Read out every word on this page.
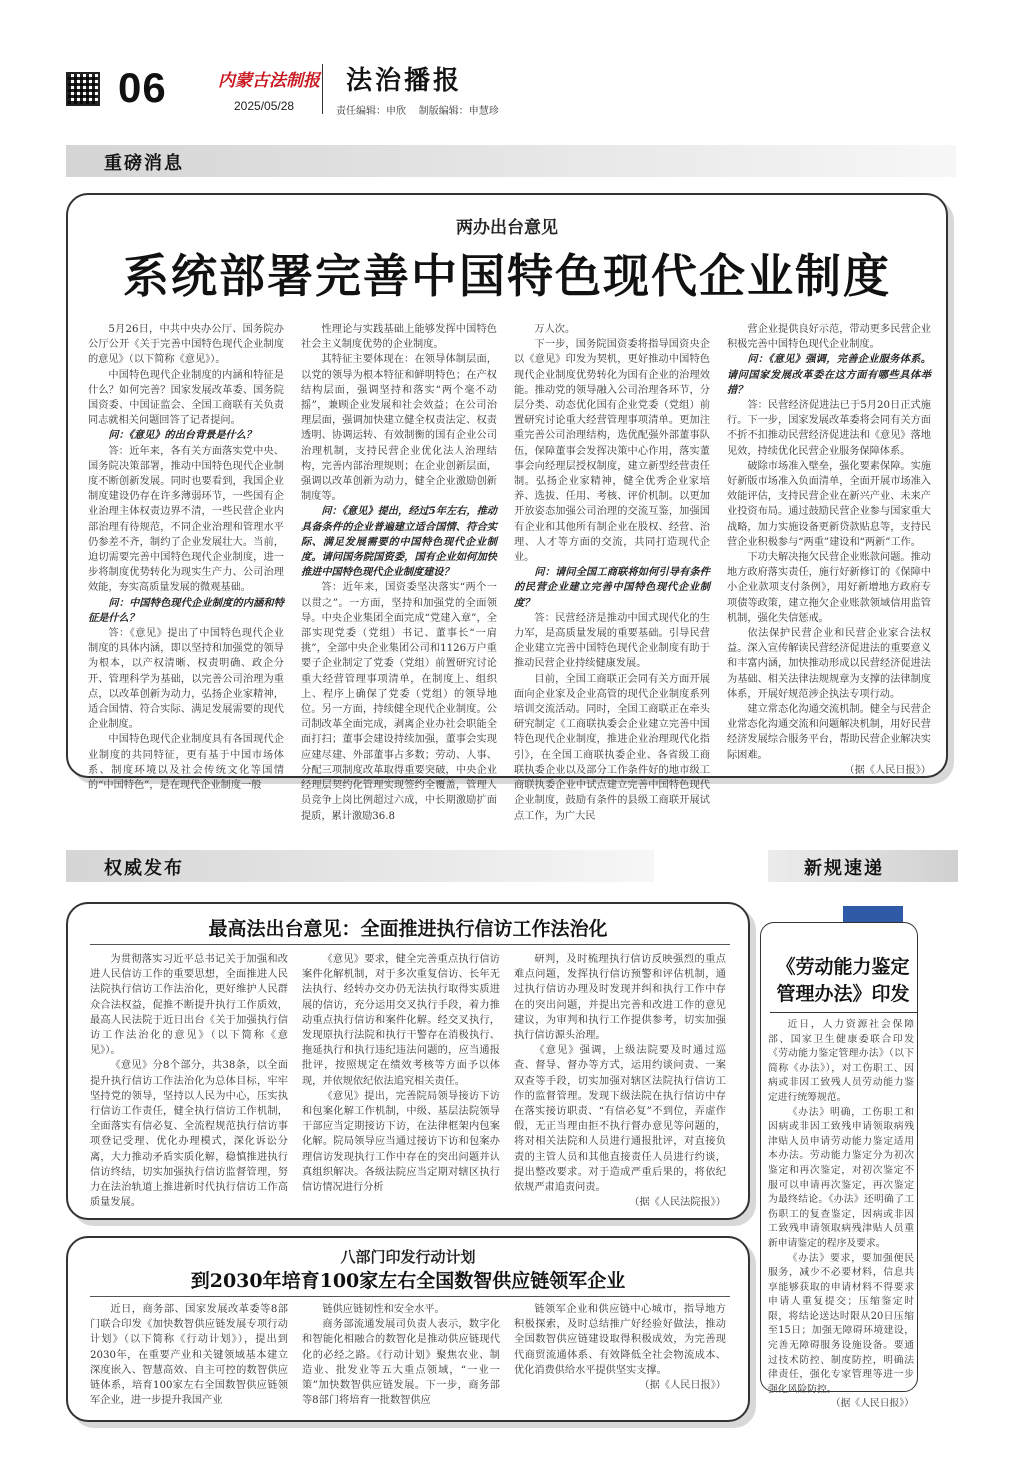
06	内蒙古法制报
2025/05/28
法治播报
责任编辑：申欣 制版编辑：申慧珍
重磅消息
两办出台意见
系统部署完善中国特色现代企业制度

5月26日，中共中央办公厅、国务院办公厅公开《关于完善中国特色现代企业制度的意见》（以下简称《意见》）。

中国特色现代企业制度的内涵和特征是什么？如何完善？国家发展改革委、国务院国资委、中国证监会、全国工商联有关负责同志就相关问题回答了记者提问。

问：《意见》的出台背景是什么？

答：近年来，各有关方面落实党中央、国务院决策部署，推动中国特色现代企业制度不断创新发展。同时也要看到，我国企业制度建设仍存在许多薄弱环节，一些国有企业治理主体权责边界不清，一些民营企业内部治理有待规范，不同企业治理和管理水平仍参差不齐，制约了企业发展壮大。当前，迫切需要完善中国特色现代企业制度，进一步将制度优势转化为现实生产力、公司治理效能，夯实高质量发展的微观基础。

问：中国特色现代企业制度的内涵和特征是什么？

答：《意见》提出了中国特色现代企业制度的具体内涵，即以坚持和加强党的领导为根本，以产权清晰、权责明确、政企分开、管理科学为基础，以完善公司治理为重点，以改革创新为动力，弘扬企业家精神，适合国情、符合实际、满足发展需要的现代企业制度。

中国特色现代企业制度具有各国现代企业制度的共同特征，更有基于中国市场体系、制度环境以及社会传统文化等国情的“中国特色”，是在现代企业制度一般

性理论与实践基础上能够发挥中国特色社会主义制度优势的企业制度。

其特征主要体现在：在领导体制层面，以党的领导为根本特征和鲜明特色；在产权结构层面，强调坚持和落实“两个毫不动摇”，兼顾企业发展和社会效益；在公司治理层面，强调加快建立健全权责法定、权责透明、协调运转、有效制衡的国有企业公司治理机制，支持民营企业优化法人治理结构，完善内部治理规则；在企业创新层面，强调以改革创新为动力，健全企业激励创新制度等。

问：《意见》提出，经过5年左右，推动具备条件的企业普遍建立适合国情、符合实际、满足发展需要的中国特色现代企业制度。请问国务院国资委，国有企业如何加快推进中国特色现代企业制度建设？

答：近年来，国资委坚决落实“两个一以贯之”。一方面，坚持和加强党的全面领导。中央企业集团全面完成“党建入章”，全部实现党委（党组）书记、董事长“一肩挑”，全部中央企业集团公司和1126万户重要子企业制定了党委（党组）前置研究讨论重大经营管理事项清单，在制度上、组织上、程序上确保了党委（党组）的领导地位。另一方面，持续健全现代企业制度。公司制改革全面完成，剥离企业办社会职能全面打扫；董事会建设持续加强，董事会实现应建尽建、外部董事占多数；劳动、人事、分配三项制度改革取得重要突破，中央企业经理层契约化管理实现签约全覆盖，管理人员竞争上岗比例超过六成，中长期激励扩面提质，累计激励36.8

万人次。

下一步，国务院国资委将指导国资央企以《意见》印发为契机，更好推动中国特色现代企业制度优势转化为国有企业的治理效能。推动党的领导融入公司治理各环节，分层分类、动态优化国有企业党委（党组）前置研究讨论重大经营管理事项清单。更加注重完善公司治理结构，选优配强外部董事队伍，保障董事会发挥决策中心作用，落实董事会向经理层授权制度，建立新型经营责任制。弘扬企业家精神，健全优秀企业家培养、选拔、任用、考核、评价机制。以更加开放姿态加强公司治理的交流互鉴，加强国有企业和其他所有制企业在股权、经营、治理、人才等方面的交流，共同打造现代企业。

问：请问全国工商联将如何引导有条件的民营企业建立完善中国特色现代企业制度？

答：民营经济是推动中国式现代化的生力军，是高质量发展的重要基础。引导民营企业建立完善中国特色现代企业制度有助于推动民营企业持续健康发展。

目前，全国工商联正会同有关方面开展面向企业家及企业高管的现代企业制度系列培训交流活动。同时，全国工商联正在牵头研究制定《工商联执委会企业建立完善中国特色现代企业制度，推进企业治理现代化指引》，在全国工商联执委企业、各省级工商联执委企业以及部分工作条件好的地市级工商联执委企业中试点建立完善中国特色现代企业制度，鼓励有条件的县级工商联开展试点工作，为广大民

营企业提供良好示范，带动更多民营企业积极完善中国特色现代企业制度。

问：《意见》强调，完善企业服务体系。请问国家发展改革委在这方面有哪些具体举措？

答：民营经济促进法已于5月20日正式施行。下一步，国家发展改革委将会同有关方面不折不扣推动民营经济促进法和《意见》落地见效，持续优化民营企业服务保障体系。

破除市场准入壁垒，强化要素保障。实施好新版市场准入负面清单，全面开展市场准入效能评估，支持民营企业在新兴产业、未来产业投资布局。通过鼓励民营企业参与国家重大战略，加力实施设备更新贷款贴息等，支持民营企业积极参与“两重”建设和“两新”工作。

下功夫解决拖欠民营企业账款问题。推动地方政府落实责任，施行好新修订的《保障中小企业款项支付条例》，用好新增地方政府专项债等政策，建立拖欠企业账款领域信用监管机制，强化失信惩戒。

依法保护民营企业和民营企业家合法权益。深入宣传解读民营经济促进法的重要意义和丰富内涵，加快推动形成以民营经济促进法为基础、相关法律法规规章为支撑的法律制度体系，开展好规范涉企执法专项行动。

建立常态化沟通交流机制。健全与民营企业常态化沟通交流和问题解决机制，用好民营经济发展综合服务平台，帮助民营企业解决实际困难。

（据《人民日报》）

权威发布	新规速递
最高法出台意见：全面推进执行信访工作法治化

为贯彻落实习近平总书记关于加强和改进人民信访工作的重要思想，全面推进人民法院执行信访工作法治化，更好维护人民群众合法权益，促推不断提升执行工作质效，最高人民法院于近日出台《关于加强执行信访工作法治化的意见》（以下简称《意见》）。

《意见》分8个部分，共38条，以全面提升执行信访工作法治化为总体目标，牢牢坚持党的领导，坚持以人民为中心，压实执行信访工作责任，健全执行信访工作机制，全面落实有信必复、全流程规范执行信访事项登记受理、优化办理模式，深化诉讼分离，大力推动矛盾实质化解，稳慎推进执行信访终结，切实加强执行信访监督管理，努力在法治轨道上推进新时代执行信访工作高质量发展。

《意见》要求，健全完善重点执行信访案件化解机制，对于多次重复信访、长年无法执行、经转办交办仍无法执行取得实质进展的信访，充分运用交叉执行手段，着力推动重点执行信访和案件化解。经交叉执行，发现原执行法院和执行干警存在消极执行、拖延执行和执行违纪违法问题的，应当通报批评，按照规定在绩效考核等方面予以体现，并依规依纪依法追究相关责任。

《意见》提出，完善院局领导接访下访和包案化解工作机制，中级、基层法院领导干部应当定期接访下访，在法律框架内包案化解。院局领导应当通过接访下访和包案办理信访发现执行工作中存在的突出问题并认真组织解决。各级法院应当定期对辖区执行信访情况进行分析

研判，及时梳理执行信访反映强烈的重点难点问题，发挥执行信访预警和评估机制，通过执行信访办理及时发现并纠和执行工作中存在的突出问题，并提出完善和改进工作的意见建议，为审判和执行工作提供参考，切实加强执行信访源头治理。

《意见》强调，上级法院要及时通过巡查、督导、督办等方式，运用约谈问责、一案双查等手段，切实加强对辖区法院执行信访工作的监督管理。发现下级法院在执行信访中存在落实接访职责、“有信必复”不到位，弄虚作假，无正当理由拒不执行督办意见等问题的，将对相关法院和人员进行通报批评，对直接负责的主管人员和其他直接责任人员进行约谈，提出整改要求。对于造成严重后果的，将依纪依规严肃追责问责。

（据《人民法院报》）

八部门印发行动计划
到2030年培育100家左右全国数智供应链领军企业

近日，商务部、国家发展改革委等8部门联合印发《加快数智供应链发展专项行动计划》（以下简称《行动计划》），提出到2030年，在重要产业和关键领域基本建立深度嵌入、智慧高效、自主可控的数智供应链体系，培育100家左右全国数智供应链领军企业，进一步提升我国产业

链供应链韧性和安全水平。

商务部流通发展司负责人表示，数字化和智能化相融合的数智化是推动供应链现代化的必经之路。《行动计划》聚焦农业、制造业、批发业等五大重点领域，“一业一策”加快数智供应链发展。下一步，商务部等8部门将培育一批数智供应

链领军企业和供应链中心城市，指导地方积极探索，及时总结推广好经验好做法，推动全国数智供应链建设取得积极成效，为完善现代商贸流通体系、有效降低全社会物流成本、优化消费供给水平提供坚实支撑。

（据《人民日报》）

《劳动能力鉴定管理办法》印发

近日，人力资源社会保障部、国家卫生健康委联合印发《劳动能力鉴定管理办法》（以下简称《办法》），对工伤职工、因病或非因工致残人员劳动能力鉴定进行统筹规范。

《办法》明确，工伤职工和因病或非因工致残申请领取病残津贴人员申请劳动能力鉴定适用本办法。劳动能力鉴定分为初次鉴定和再次鉴定，对初次鉴定不服可以申请再次鉴定，再次鉴定为最终结论。《办法》还明确了工伤职工的复查鉴定，因病或非因工致残申请领取病残津贴人员重新申请鉴定的程序及要求。

《办法》要求，要加强便民服务，减少不必要材料，信息共享能够获取的申请材料不得要求申请人重复提交；压缩鉴定时限，将结论送达时限从20日压缩至15日；加强无障碍环境建设，完善无障碍服务设施设备。要通过技术防控、制度防控，明确法律责任，强化专家管理等进一步强化风险防控。

（据《人民日报》）
